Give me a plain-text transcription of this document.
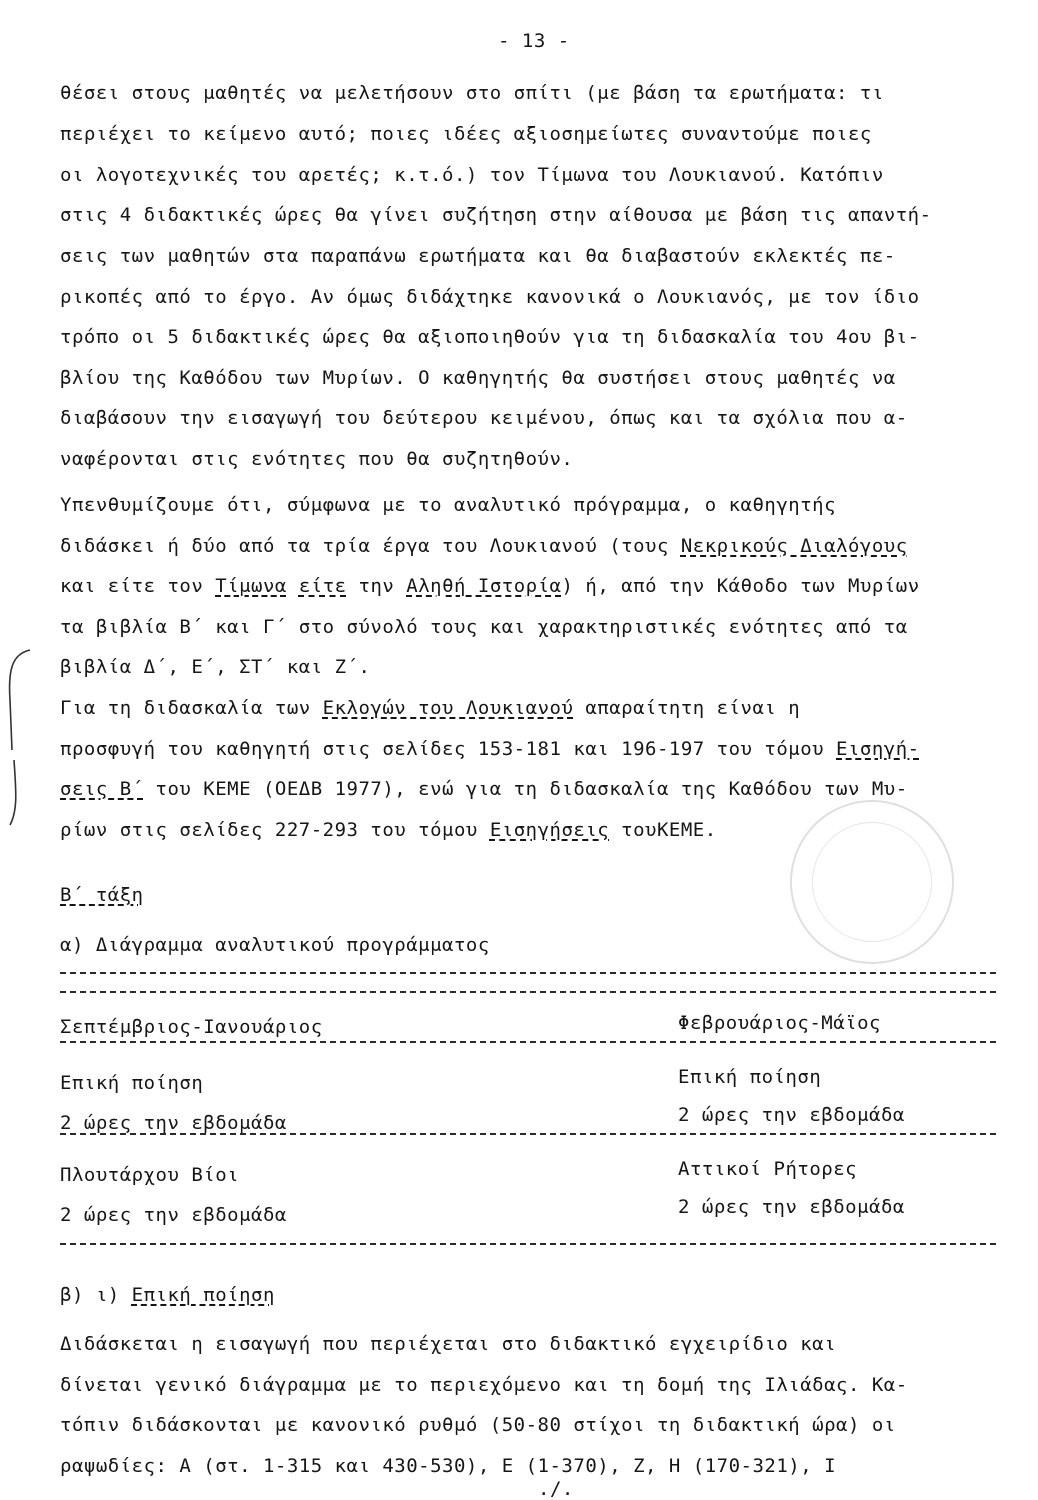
- 13 -
θέσει στους μαθητές να μελετήσουν στο σπίτι (με βάση τα ερωτήματα: τι
περιέχει το κείμενο αυτό; ποιες ιδέες αξιοσημείωτες συναντούμε ποιες
οι λογοτεχνικές του αρετές; κ.τ.ό.) τον Τίμωνα του Λουκιανού. Κατόπιν
στις 4 διδακτικές ώρες θα γίνει συζήτηση στην αίθουσα με βάση τις απαντή-
σεις των μαθητών στα παραπάνω ερωτήματα και θα διαβαστούν εκλεκτές πε-
ρικοπές από το έργο. Αν όμως διδάχτηκε κανονικά ο Λουκιανός, με τον ίδιο
τρόπο οι 5 διδακτικές ώρες θα αξιοποιηθούν για τη διδασκαλία του 4ου βι-
βλίου της Καθόδου των Μυρίων. Ο καθηγητής θα συστήσει στους μαθητές να
διαβάσουν την εισαγωγή του δεύτερου κειμένου, όπως και τα σχόλια που α-
ναφέρονται στις ενότητες που θα συζητηθούν.
Υπενθυμίζουμε ότι, σύμφωνα με το αναλυτικό πρόγραμμα, ο καθηγητής
διδάσκει ή δύο από τα τρία έργα του Λουκιανού (τους Νεκρικούς Διαλόγους
και είτε τον Τίμωνα είτε την Αληθή Ιστορία) ή, από την Κάθοδο των Μυρίων
τα βιβλία Β΄ και Γ΄ στο σύνολό τους και χαρακτηριστικές ενότητες από τα
βιβλία Δ΄, Ε΄, ΣΤ΄ και Ζ΄.
Για τη διδασκαλία των Εκλογών του Λουκιανού απαραίτητη είναι η
προσφυγή του καθηγητή στις σελίδες 153-181 και 196-197 του τόμου Εισηγή-
σεις Β΄ του ΚΕΜΕ (ΟΕΔΒ 1977), ενώ για τη διδασκαλία της Καθόδου των Μυ-
ρίων στις σελίδες 227-293 του τόμου Εισηγήσεις τουΚΕΜΕ.
Β΄ τάξη
α) Διάγραμμα αναλυτικού προγράμματος
Σεπτέμβριος-Ιανουάριος	Φεβρουάριος-Μάϊος
Επική ποίηση	Επική ποίηση
2 ώρες την εβδομάδα	2 ώρες την εβδομάδα
Πλουτάρχου Βίοι	Αττικοί Ρήτορες
2 ώρες την εβδομάδα	2 ώρες την εβδομάδα
β) ι) Επική ποίηση
Διδάσκεται η εισαγωγή που περιέχεται στο διδακτικό εγχειρίδιο και
δίνεται γενικό διάγραμμα με το περιεχόμενο και τη δομή της Ιλιάδας. Κα-
τόπιν διδάσκονται με κανονικό ρυθμό (50-80 στίχοι τη διδακτική ώρα) οι
ραψωδίες: Α (στ. 1-315 και 430-530), Ε (1-370), Ζ, Η (170-321), Ι
./.
